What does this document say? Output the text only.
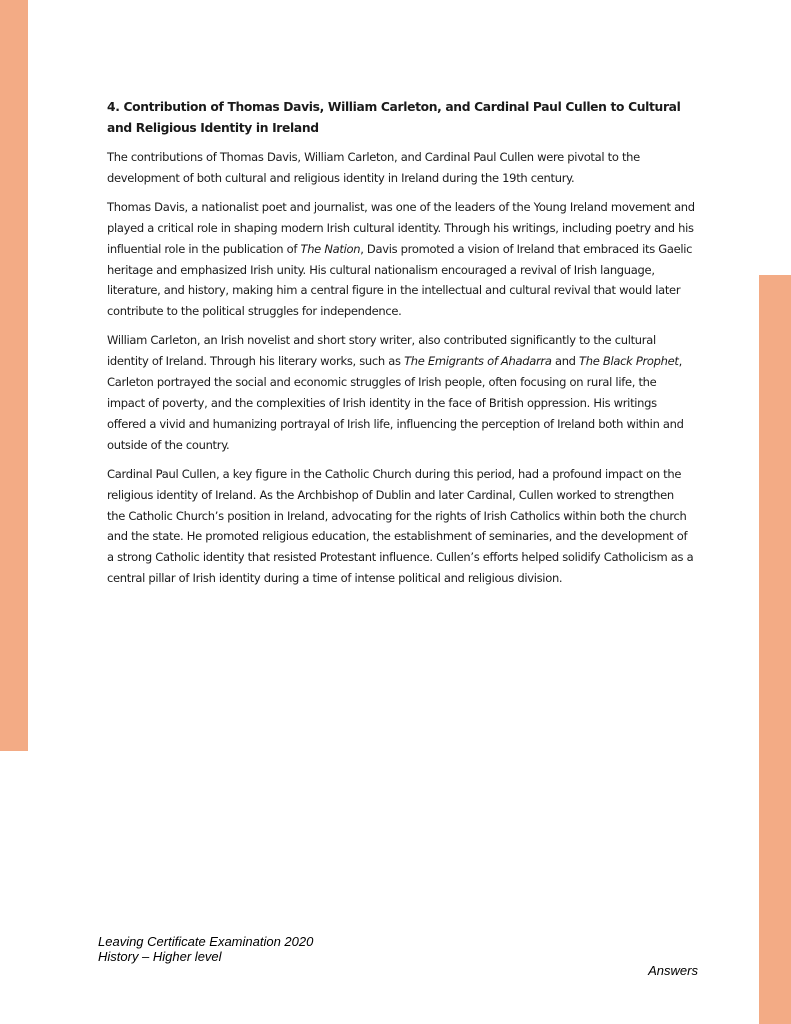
4. Contribution of Thomas Davis, William Carleton, and Cardinal Paul Cullen to Cultural and Religious Identity in Ireland

The contributions of Thomas Davis, William Carleton, and Cardinal Paul Cullen were pivotal to the development of both cultural and religious identity in Ireland during the 19th century.

Thomas Davis, a nationalist poet and journalist, was one of the leaders of the Young Ireland movement and played a critical role in shaping modern Irish cultural identity. Through his writings, including poetry and his influential role in the publication of The Nation, Davis promoted a vision of Ireland that embraced its Gaelic heritage and emphasized Irish unity. His cultural nationalism encouraged a revival of Irish language, literature, and history, making him a central figure in the intellectual and cultural revival that would later contribute to the political struggles for independence.

William Carleton, an Irish novelist and short story writer, also contributed significantly to the cultural identity of Ireland. Through his literary works, such as The Emigrants of Ahadarra and The Black Prophet, Carleton portrayed the social and economic struggles of Irish people, often focusing on rural life, the impact of poverty, and the complexities of Irish identity in the face of British oppression. His writings offered a vivid and humanizing portrayal of Irish life, influencing the perception of Ireland both within and outside of the country.

Cardinal Paul Cullen, a key figure in the Catholic Church during this period, had a profound impact on the religious identity of Ireland. As the Archbishop of Dublin and later Cardinal, Cullen worked to strengthen the Catholic Church’s position in Ireland, advocating for the rights of Irish Catholics within both the church and the state. He promoted religious education, the establishment of seminaries, and the development of a strong Catholic identity that resisted Protestant influence. Cullen’s efforts helped solidify Catholicism as a central pillar of Irish identity during a time of intense political and religious division.

Leaving Certificate Examination 2020
History – Higher level
Answers
